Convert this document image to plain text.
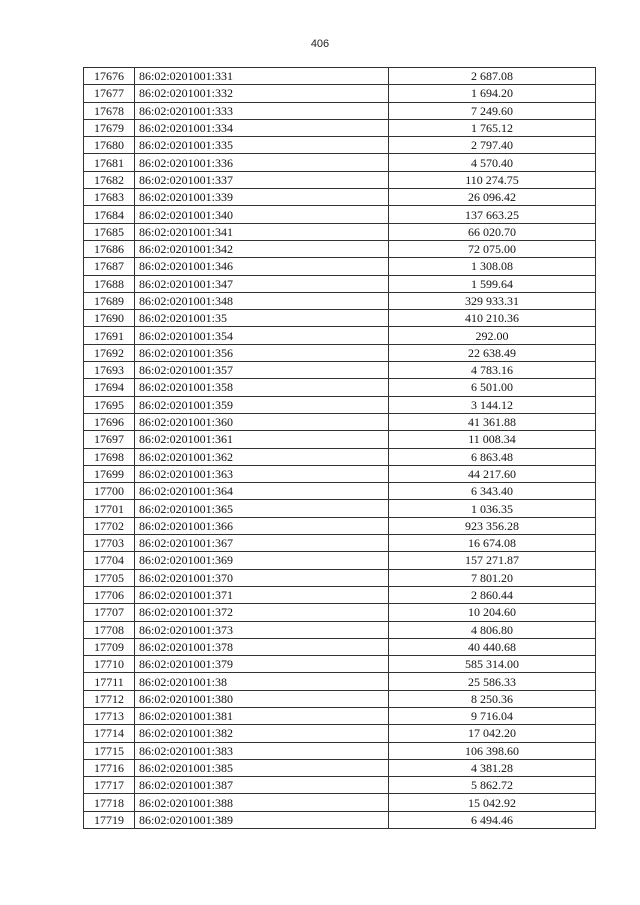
406
17676	86:02:0201001:331	2 687.08
17677	86:02:0201001:332	1 694.20
17678	86:02:0201001:333	7 249.60
17679	86:02:0201001:334	1 765.12
17680	86:02:0201001:335	2 797.40
17681	86:02:0201001:336	4 570.40
17682	86:02:0201001:337	110 274.75
17683	86:02:0201001:339	26 096.42
17684	86:02:0201001:340	137 663.25
17685	86:02:0201001:341	66 020.70
17686	86:02:0201001:342	72 075.00
17687	86:02:0201001:346	1 308.08
17688	86:02:0201001:347	1 599.64
17689	86:02:0201001:348	329 933.31
17690	86:02:0201001:35	410 210.36
17691	86:02:0201001:354	292.00
17692	86:02:0201001:356	22 638.49
17693	86:02:0201001:357	4 783.16
17694	86:02:0201001:358	6 501.00
17695	86:02:0201001:359	3 144.12
17696	86:02:0201001:360	41 361.88
17697	86:02:0201001:361	11 008.34
17698	86:02:0201001:362	6 863.48
17699	86:02:0201001:363	44 217.60
17700	86:02:0201001:364	6 343.40
17701	86:02:0201001:365	1 036.35
17702	86:02:0201001:366	923 356.28
17703	86:02:0201001:367	16 674.08
17704	86:02:0201001:369	157 271.87
17705	86:02:0201001:370	7 801.20
17706	86:02:0201001:371	2 860.44
17707	86:02:0201001:372	10 204.60
17708	86:02:0201001:373	4 806.80
17709	86:02:0201001:378	40 440.68
17710	86:02:0201001:379	585 314.00
17711	86:02:0201001:38	25 586.33
17712	86:02:0201001:380	8 250.36
17713	86:02:0201001:381	9 716.04
17714	86:02:0201001:382	17 042.20
17715	86:02:0201001:383	106 398.60
17716	86:02:0201001:385	4 381.28
17717	86:02:0201001:387	5 862.72
17718	86:02:0201001:388	15 042.92
17719	86:02:0201001:389	6 494.46
